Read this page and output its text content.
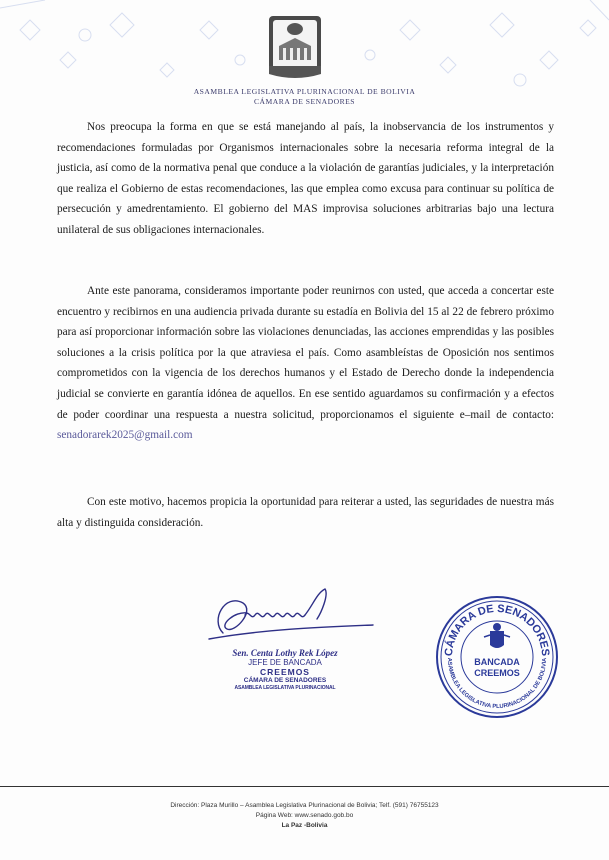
ASAMBLEA LEGISLATIVA PLURINACIONAL DE BOLIVIA
CÁMARA DE SENADORES

Nos preocupa la forma en que se está manejando al país, la inobservancia de los instrumentos y recomendaciones formuladas por Organismos internacionales sobre la necesaria reforma integral de la justicia, así como de la normativa penal que conduce a la violación de garantías judiciales, y la interpretación que realiza el Gobierno de estas recomendaciones, las que emplea como excusa para continuar su política de persecución y amedrentamiento. El gobierno del MAS improvisa soluciones arbitrarias bajo una lectura unilateral de sus obligaciones internacionales.

Ante este panorama, consideramos importante poder reunirnos con usted, que acceda a concertar este encuentro y recibirnos en una audiencia privada durante su estadía en Bolivia del 15 al 22 de febrero próximo para así proporcionar información sobre las violaciones denunciadas, las acciones emprendidas y las posibles soluciones a la crisis política por la que atraviesa el país. Como asambleístas de Oposición nos sentimos comprometidos con la vigencia de los derechos humanos y el Estado de Derecho donde la independencia judicial se convierte en garantía idónea de aquellos. En ese sentido aguardamos su confirmación y a efectos de poder coordinar una respuesta a nuestra solicitud, proporcionamos el siguiente e–mail de contacto: senadorarek2025@gmail.com

Con este motivo, hacemos propicia la oportunidad para reiterar a usted, las seguridades de nuestra más alta y distinguida consideración.

Sen. Centa Lothy Rek López
JEFE DE BANCADA
CREEMOS
CÁMARA DE SENADORES
ASAMBLEA LEGISLATIVA PLURINACIONAL
CÁMARA DE SENADORES
ASAMBLEA LEGISLATIVA PLURINACIONAL DE BOLIVIA
BANCADA
CREEMOS
Dirección: Plaza Murillo – Asamblea Legislativa Plurinacional de Bolivia; Telf. (591) 76755123
Página Web: www.senado.gob.bo
La Paz -Bolivia
